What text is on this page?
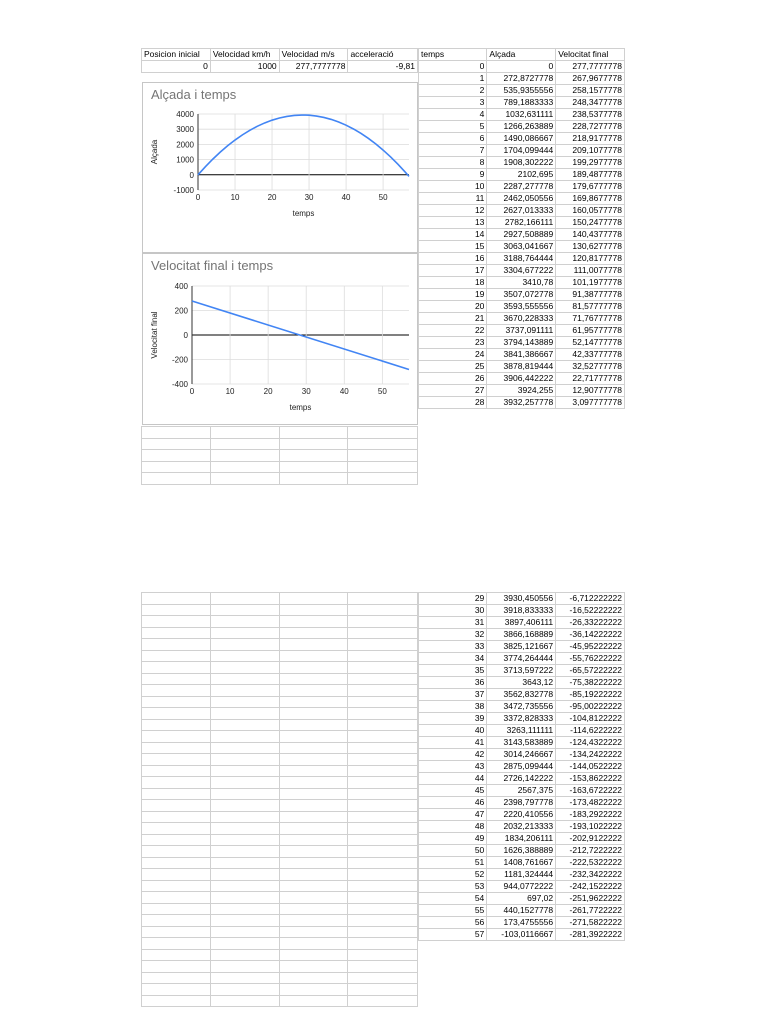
Posicion inicial	Velocidad km/h	Velocidad m/s	acceleració
0	1000	277,7777778	-9,81

temps	Alçada	Velocitat final
0	0	277,7777778
1	272,8727778	267,9677778
2	535,9355556	258,1577778
3	789,1883333	248,3477778
4	1032,631111	238,5377778
5	1266,263889	228,7277778
6	1490,086667	218,9177778
7	1704,099444	209,1077778
8	1908,302222	199,2977778
9	2102,695	189,4877778
10	2287,277778	179,6777778
11	2462,050556	169,8677778
12	2627,013333	160,0577778
13	2782,166111	150,2477778
14	2927,508889	140,4377778
15	3063,041667	130,6277778
16	3188,764444	120,8177778
17	3304,677222	111,0077778
18	3410,78	101,1977778
19	3507,072778	91,38777778
20	3593,555556	81,57777778
21	3670,228333	71,76777778
22	3737,091111	61,95777778
23	3794,143889	52,14777778
24	3841,386667	42,33777778
25	3878,819444	32,52777778
26	3906,442222	22,71777778
27	3924,255	12,90777778
28	3932,257778	3,097777778
Alçada i temps
4000
3000
2000
1000
0
-1000
0	10	20	30	40	50
temps
Alçada
Velocitat final i temps
400
200
0
-200
-400
0	10	20	30	40	50
temps
Velocitat final

29	3930,450556	-6,712222222
30	3918,833333	-16,52222222
31	3897,406111	-26,33222222
32	3866,168889	-36,14222222
33	3825,121667	-45,95222222
34	3774,264444	-55,76222222
35	3713,597222	-65,57222222
36	3643,12	-75,38222222
37	3562,832778	-85,19222222
38	3472,735556	-95,00222222
39	3372,828333	-104,8122222
40	3263,111111	-114,6222222
41	3143,583889	-124,4322222
42	3014,246667	-134,2422222
43	2875,099444	-144,0522222
44	2726,142222	-153,8622222
45	2567,375	-163,6722222
46	2398,797778	-173,4822222
47	2220,410556	-183,2922222
48	2032,213333	-193,1022222
49	1834,206111	-202,9122222
50	1626,388889	-212,7222222
51	1408,761667	-222,5322222
52	1181,324444	-232,3422222
53	944,0772222	-242,1522222
54	697,02	-251,9622222
55	440,1527778	-261,7722222
56	173,4755556	-271,5822222
57	-103,0116667	-281,3922222
